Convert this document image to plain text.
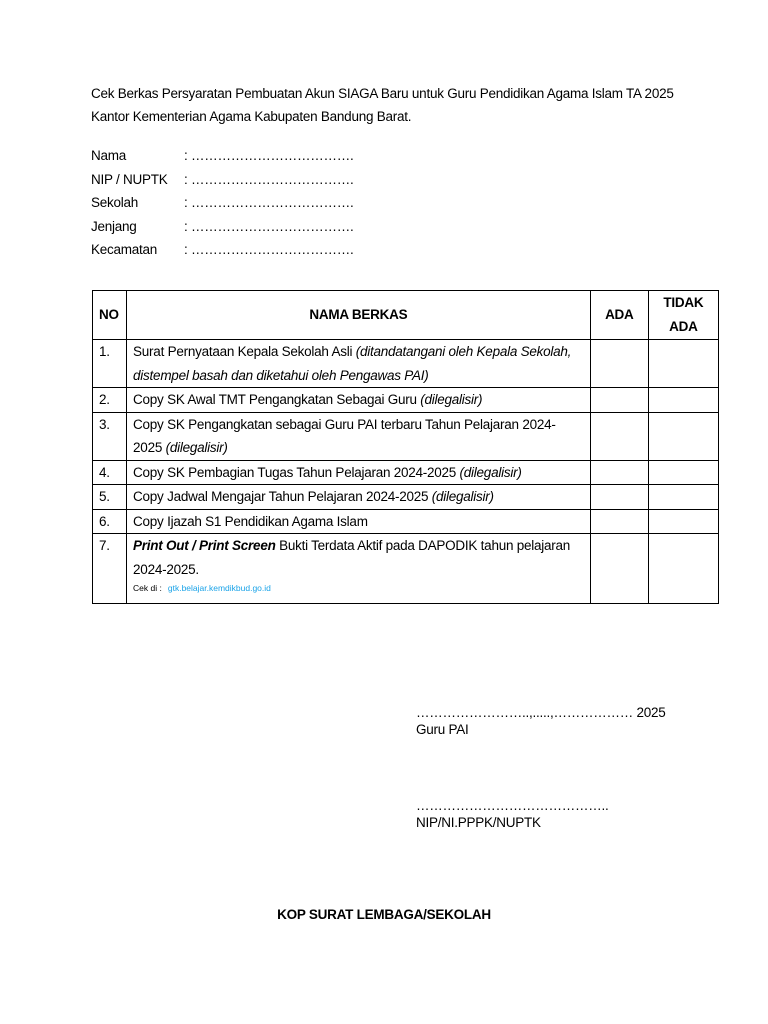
Cek Berkas Persyaratan Pembuatan Akun SIAGA Baru untuk Guru Pendidikan Agama Islam TA 2025

Kantor Kementerian Agama Kabupaten Bandung Barat.

Nama	: ……………………………….
NIP / NUPTK : ……………………………….
Sekolah	: ……………………………….
Jenjang	: ……………………………….
Kecamatan : ……………………………….
NO	NAMA BERKAS	ADA	TIDAK
ADA

1.	Surat Pernyataan Kepala Sekolah Asli (ditandatangani oleh Kepala Sekolah, distempel basah dan diketahui oleh Pengawas PAI)		
2.	Copy SK Awal TMT Pengangkatan Sebagai Guru (dilegalisir)		
3.	Copy SK Pengangkatan sebagai Guru PAI terbaru Tahun Pelajaran 2024-2025 (dilegalisir)		
4.	Copy SK Pembagian Tugas Tahun Pelajaran 2024-2025 (dilegalisir)		
5.	Copy Jadwal Mengajar Tahun Pelajaran 2024-2025 (dilegalisir)		
6.	Copy Ijazah S1 Pendidikan Agama Islam		
7.	Print Out / Print Screen Bukti Terdata Aktif pada DAPODIK tahun pelajaran 2024-2025.
Cek di : gtk.belajar.kemdikbud.go.id		

……………………..,.....,……………… 2025
Guru PAI
……………………………………..
NIP/NI.PPPK/NUPTK

KOP SURAT LEMBAGA/SEKOLAH
